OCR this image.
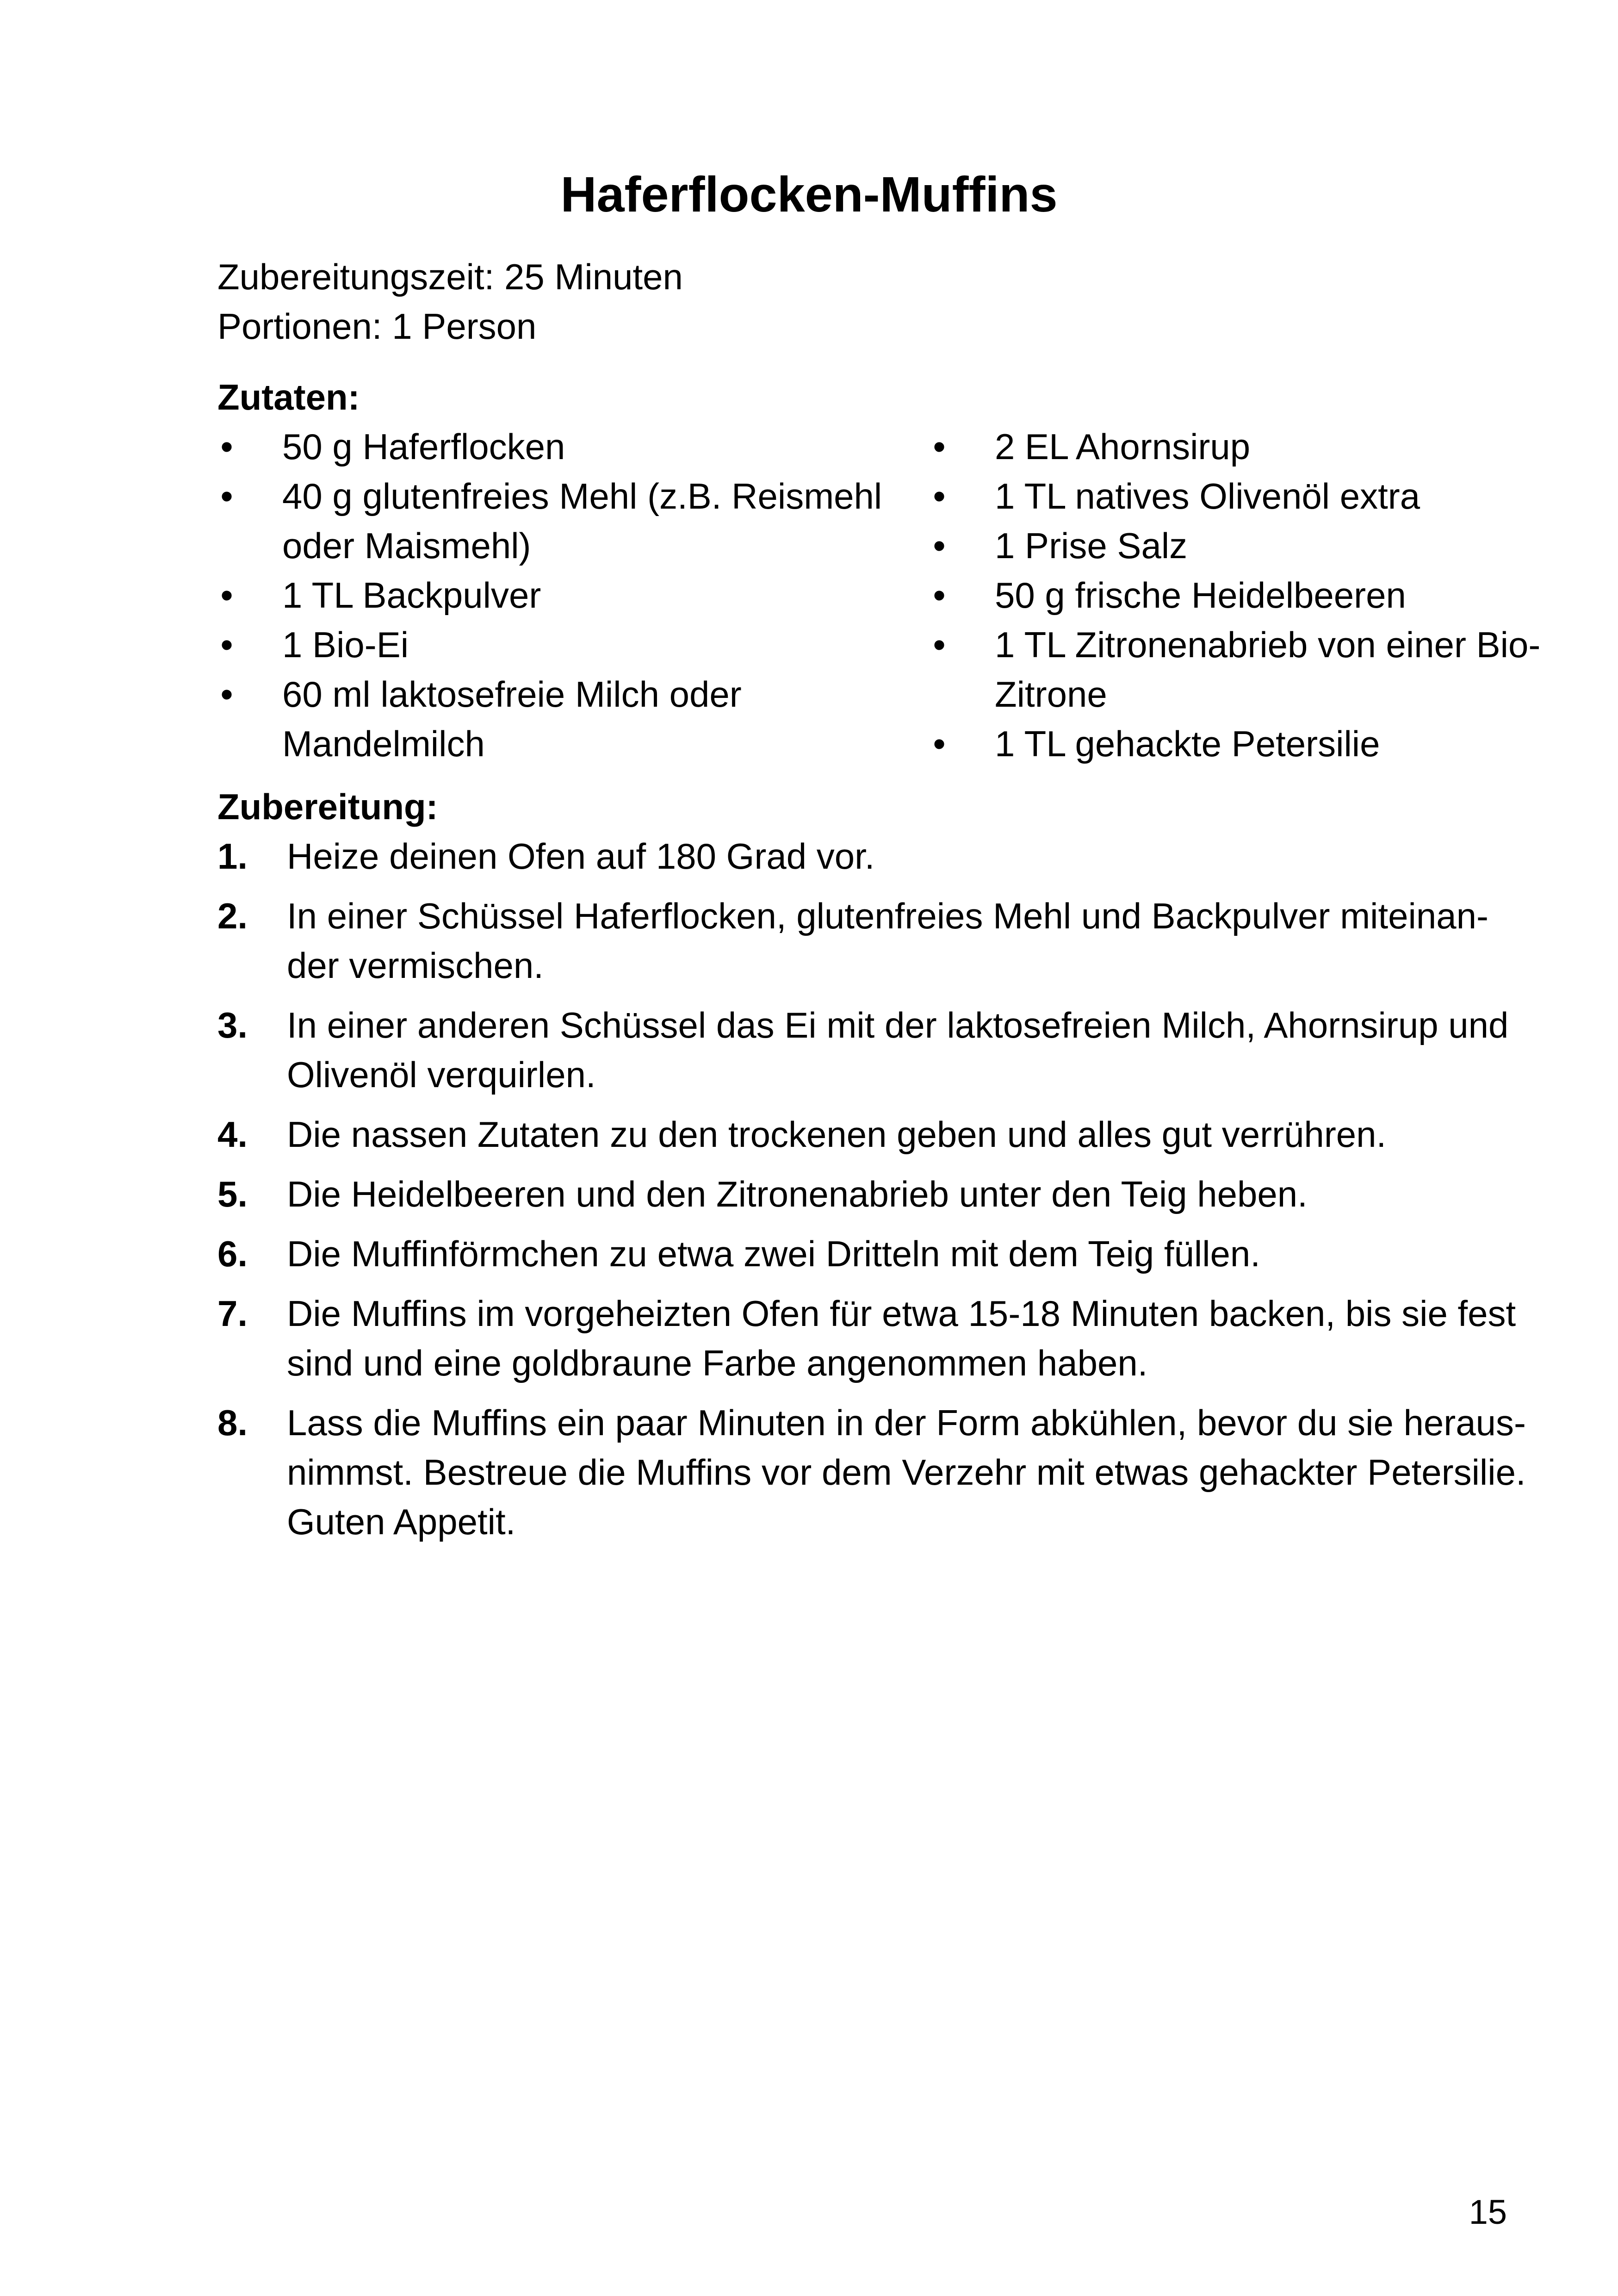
Haferflocken-Muffins
Zubereitungszeit: 25 Minuten
Portionen: 1 Person
Zutaten:
• 50 g Haferflocken
• 40 g glutenfreies Mehl (z.B. Reismehl oder Maismehl)
• 1 TL Backpulver
• 1 Bio-Ei
• 60 ml laktosefreie Milch oder Mandelmilch
• 2 EL Ahornsirup
• 1 TL natives Olivenöl extra
• 1 Prise Salz
• 50 g frische Heidelbeeren
• 1 TL Zitronenabrieb von einer Bio-Zitrone
• 1 TL gehackte Petersilie
Zubereitung:
1. Heize deinen Ofen auf 180 Grad vor.
2. In einer Schüssel Haferflocken, glutenfreies Mehl und Backpulver miteinan- der vermischen.
3. In einer anderen Schüssel das Ei mit der laktosefreien Milch, Ahornsirup und Olivenöl verquirlen.
4. Die nassen Zutaten zu den trockenen geben und alles gut verrühren.
5. Die Heidelbeeren und den Zitronenabrieb unter den Teig heben.
6. Die Muffinförmchen zu etwa zwei Dritteln mit dem Teig füllen.
7. Die Muffins im vorgeheizten Ofen für etwa 15-18 Minuten backen, bis sie fest sind und eine goldbraune Farbe angenommen haben.
8. Lass die Muffins ein paar Minuten in der Form abkühlen, bevor du sie heraus- nimmst. Bestreue die Muffins vor dem Verzehr mit etwas gehackter Petersilie. Guten Appetit.
15
